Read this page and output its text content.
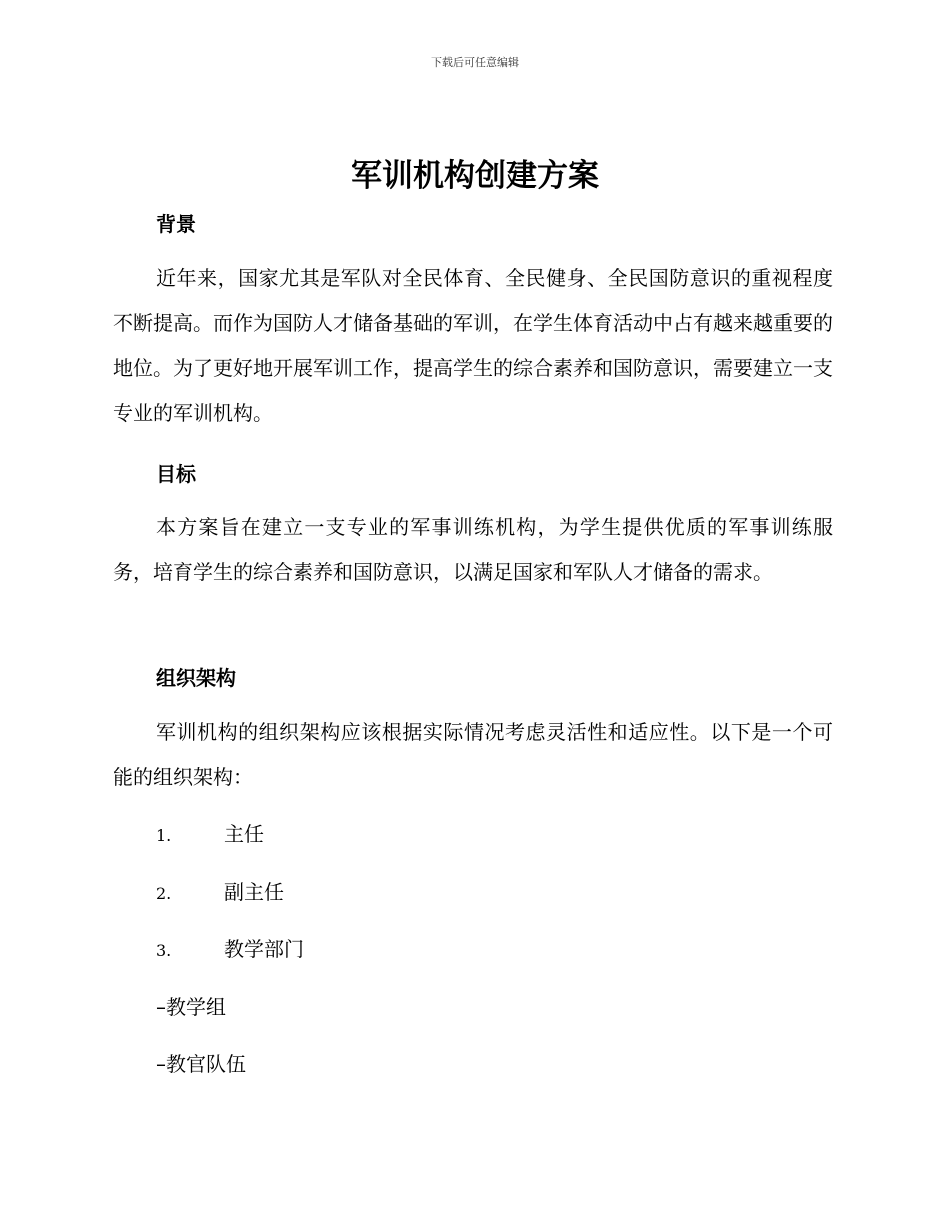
下载后可任意编辑
军训机构创建方案
背景
近年来，国家尤其是军队对全民体育、全民健身、全民国防意识的重视程度不断提高。而作为国防人才储备基础的军训，在学生体育活动中占有越来越重要的地位。为了更好地开展军训工作，提高学生的综合素养和国防意识，需要建立一支专业的军训机构。
目标
本方案旨在建立一支专业的军事训练机构，为学生提供优质的军事训练服务，培育学生的综合素养和国防意识，以满足国家和军队人才储备的需求。
组织架构
军训机构的组织架构应该根据实际情况考虑灵活性和适应性。以下是一个可能的组织架构：
1.	主任
2.	副主任
3.	教学部门
–教学组
–教官队伍
